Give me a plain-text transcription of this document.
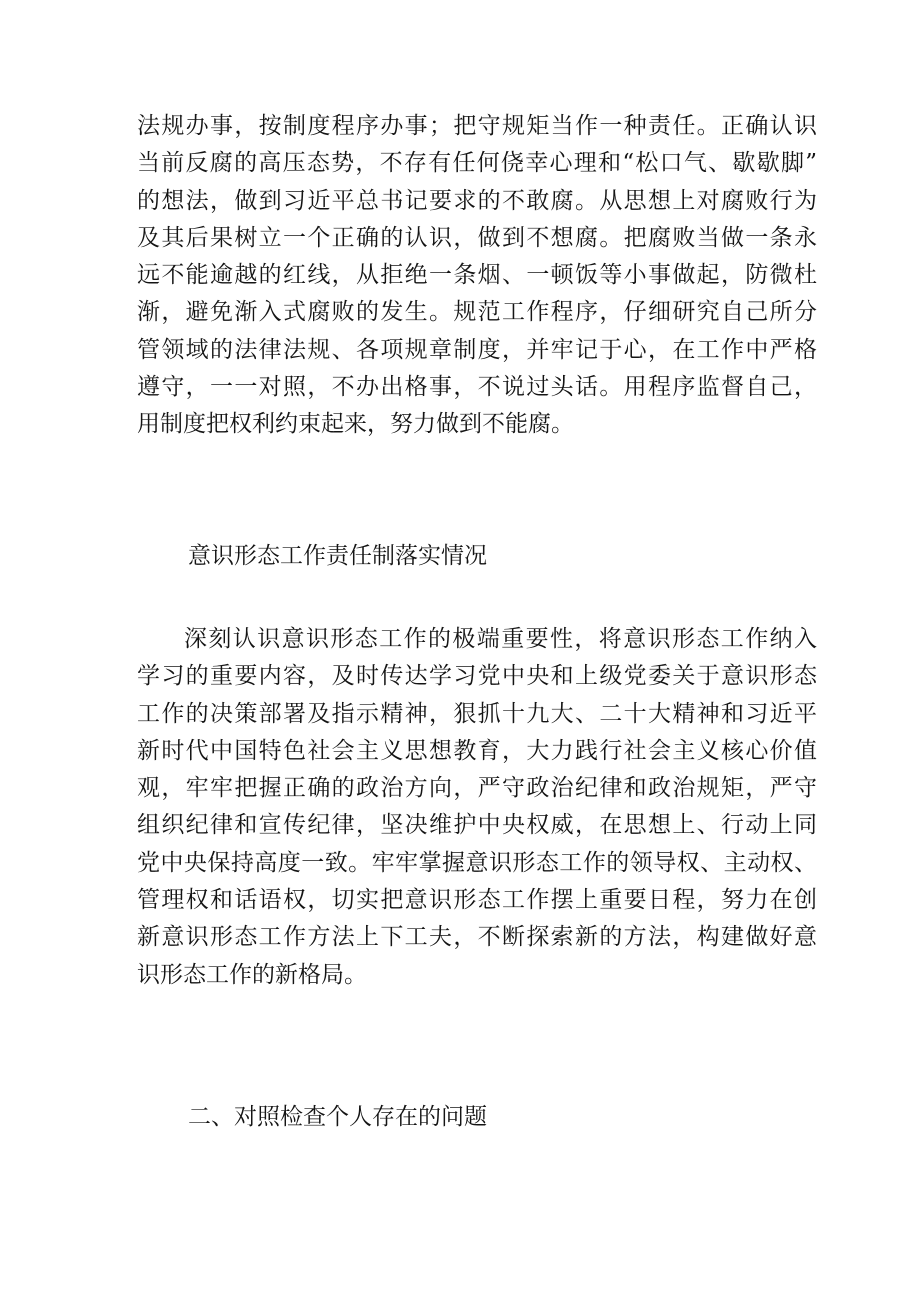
法规办事，按制度程序办事；把守规矩当作一种责任。正确认识
当前反腐的高压态势，不存有任何侥幸心理和“松口气、歇歇脚”
的想法，做到习近平总书记要求的不敢腐。从思想上对腐败行为
及其后果树立一个正确的认识，做到不想腐。把腐败当做一条永
远不能逾越的红线，从拒绝一条烟、一顿饭等小事做起，防微杜
渐，避免渐入式腐败的发生。规范工作程序，仔细研究自己所分
管领域的法律法规、各项规章制度，并牢记于心，在工作中严格
遵守，一一对照，不办出格事，不说过头话。用程序监督自己，
用制度把权利约束起来，努力做到不能腐。
意识形态工作责任制落实情况
深刻认识意识形态工作的极端重要性，将意识形态工作纳入
学习的重要内容，及时传达学习党中央和上级党委关于意识形态
工作的决策部署及指示精神，狠抓十九大、二十大精神和习近平
新时代中国特色社会主义思想教育，大力践行社会主义核心价值
观，牢牢把握正确的政治方向，严守政治纪律和政治规矩，严守
组织纪律和宣传纪律，坚决维护中央权威，在思想上、行动上同
党中央保持高度一致。牢牢掌握意识形态工作的领导权、主动权、
管理权和话语权，切实把意识形态工作摆上重要日程，努力在创
新意识形态工作方法上下工夫，不断探索新的方法，构建做好意
识形态工作的新格局。
二、对照检查个人存在的问题
